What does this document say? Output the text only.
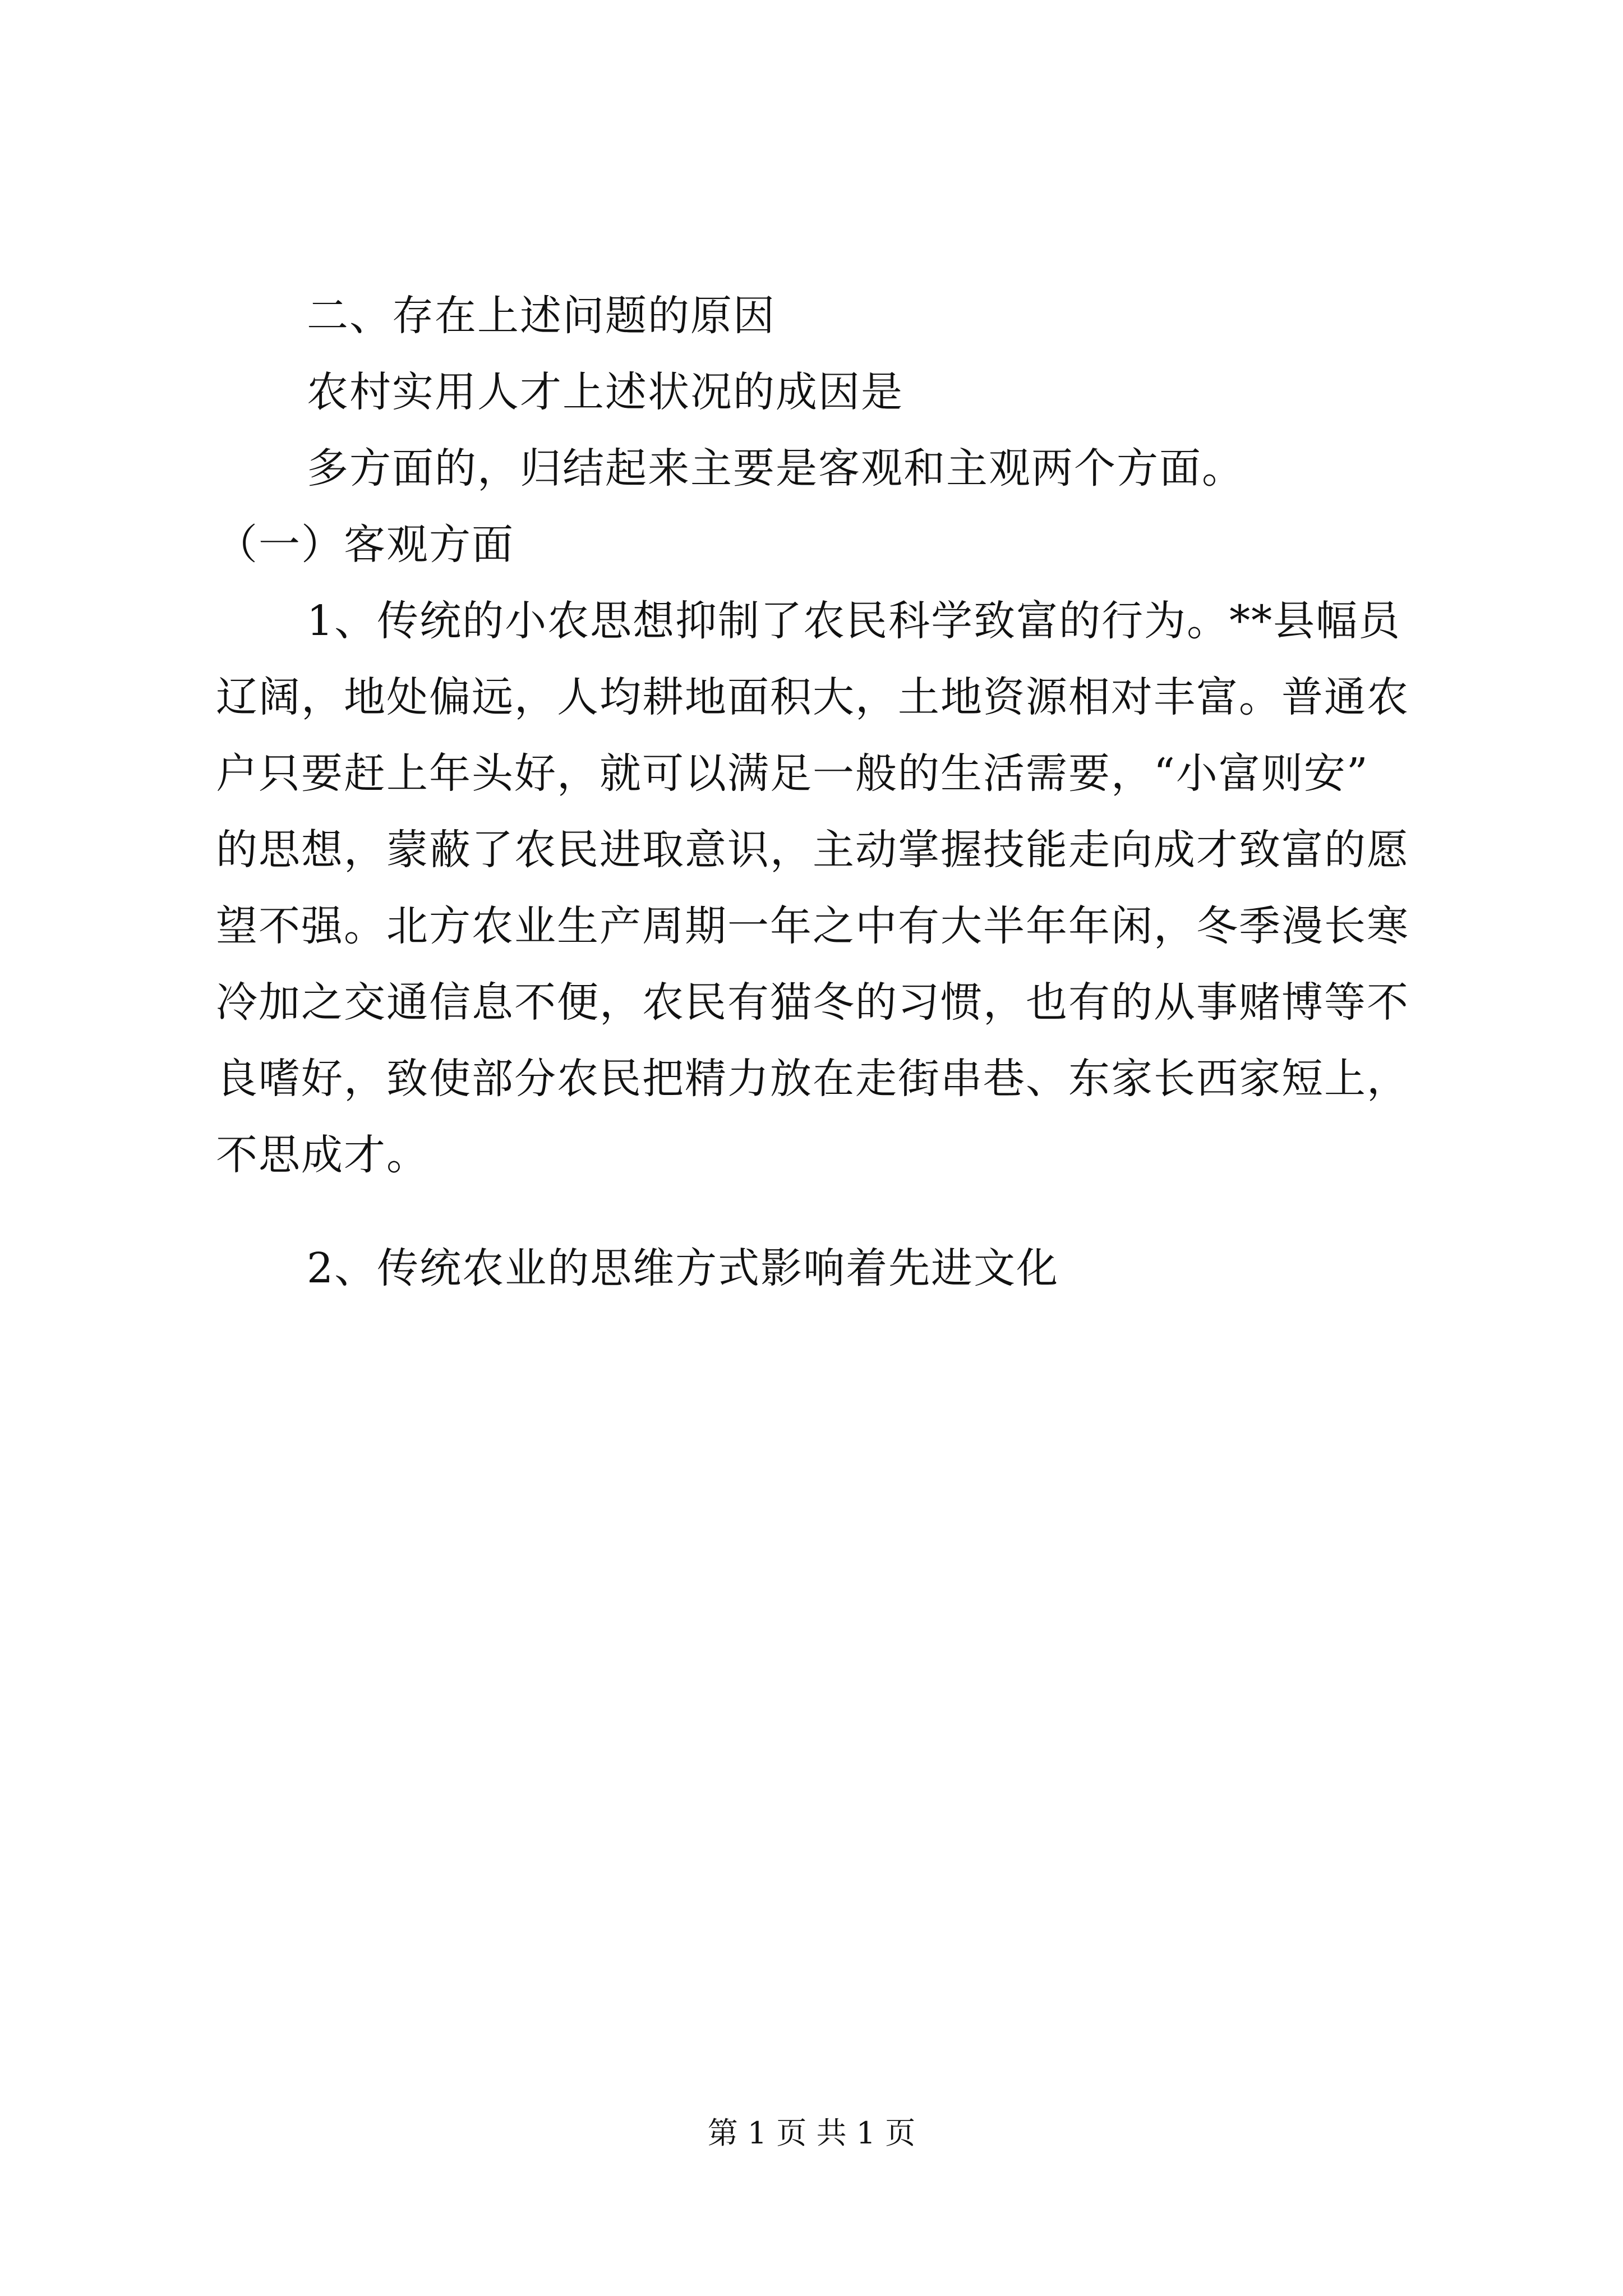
二、存在上述问题的原因
农村实用人才上述状况的成因是
多方面的，归结起来主要是客观和主观两个方面。
（一）客观方面
1、传统的小农思想抑制了农民科学致富的行为。**县幅员
辽阔，地处偏远，人均耕地面积大，土地资源相对丰富。普通农
户只要赶上年头好，就可以满足一般的生活需要，“小富则安”
的思想，蒙蔽了农民进取意识，主动掌握技能走向成才致富的愿
望不强。北方农业生产周期一年之中有大半年年闲，冬季漫长寒
冷加之交通信息不便，农民有猫冬的习惯，也有的从事赌博等不
良嗜好，致使部分农民把精力放在走街串巷、东家长西家短上，
不思成才。
2、传统农业的思维方式影响着先进文化
第 1 页 共 1 页
